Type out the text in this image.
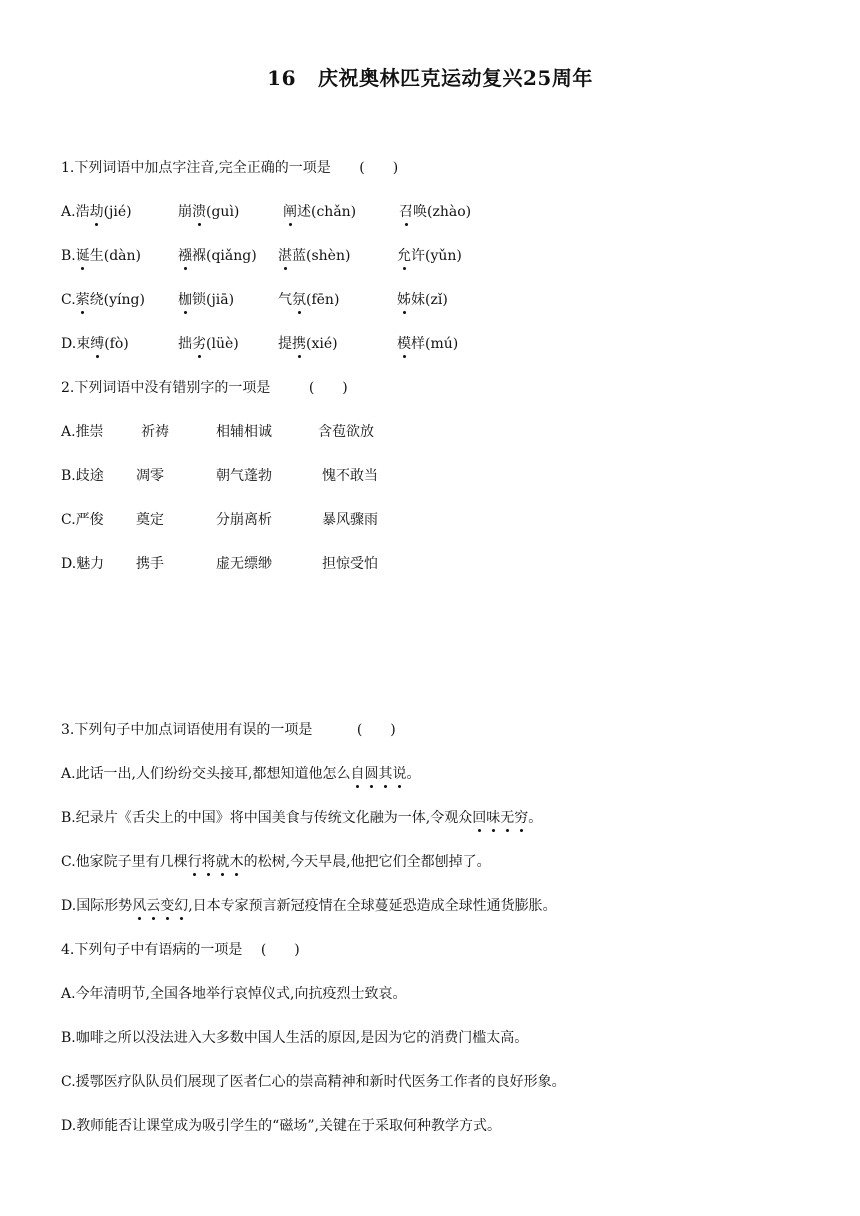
16 庆祝奥林匹克运动复兴25周年
1.下列词语中加点字注音,完全正确的一项是 (　　)
A.浩劫(jié)	崩溃(guì)	阐述(chǎn)	召唤(zhào)
B.诞生(dàn)	襁褓(qiǎng) 湛蓝(shèn)	允许(yǔn)
C.萦绕(yíng) 枷锁(jiā)	气氛(fēn)	姊妹(zǐ)
D.束缚(fò)	拙劣(lüè)	提携(xié)	模样(mú)
2.下列词语中没有错别字的一项是	(　　)
A.推崇	祈祷	相辅相诚	含苞欲放
B.歧途 凋零	朝气蓬勃	愧不敢当
C.严俊 奠定	分崩离析	暴风骤雨
D.魅力 携手	虚无缥缈	担惊受怕
3.下列句子中加点词语使用有误的一项是	(　　)
A.此话一出,人们纷纷交头接耳,都想知道他怎么自圆其说。
B.纪录片《舌尖上的中国》将中国美食与传统文化融为一体,令观众回味无穷。
C.他家院子里有几棵行将就木的松树,今天早晨,他把它们全都刨掉了。
D.国际形势风云变幻,日本专家预言新冠疫情在全球蔓延恐造成全球性通货膨胀。
4.下列句子中有语病的一项是 (　　)
A.今年清明节,全国各地举行哀悼仪式,向抗疫烈士致哀。
B.咖啡之所以没法进入大多数中国人生活的原因,是因为它的消费门槛太高。
C.援鄂医疗队队员们展现了医者仁心的崇高精神和新时代医务工作者的良好形象。
D.教师能否让课堂成为吸引学生的“磁场”,关键在于采取何种教学方式。
